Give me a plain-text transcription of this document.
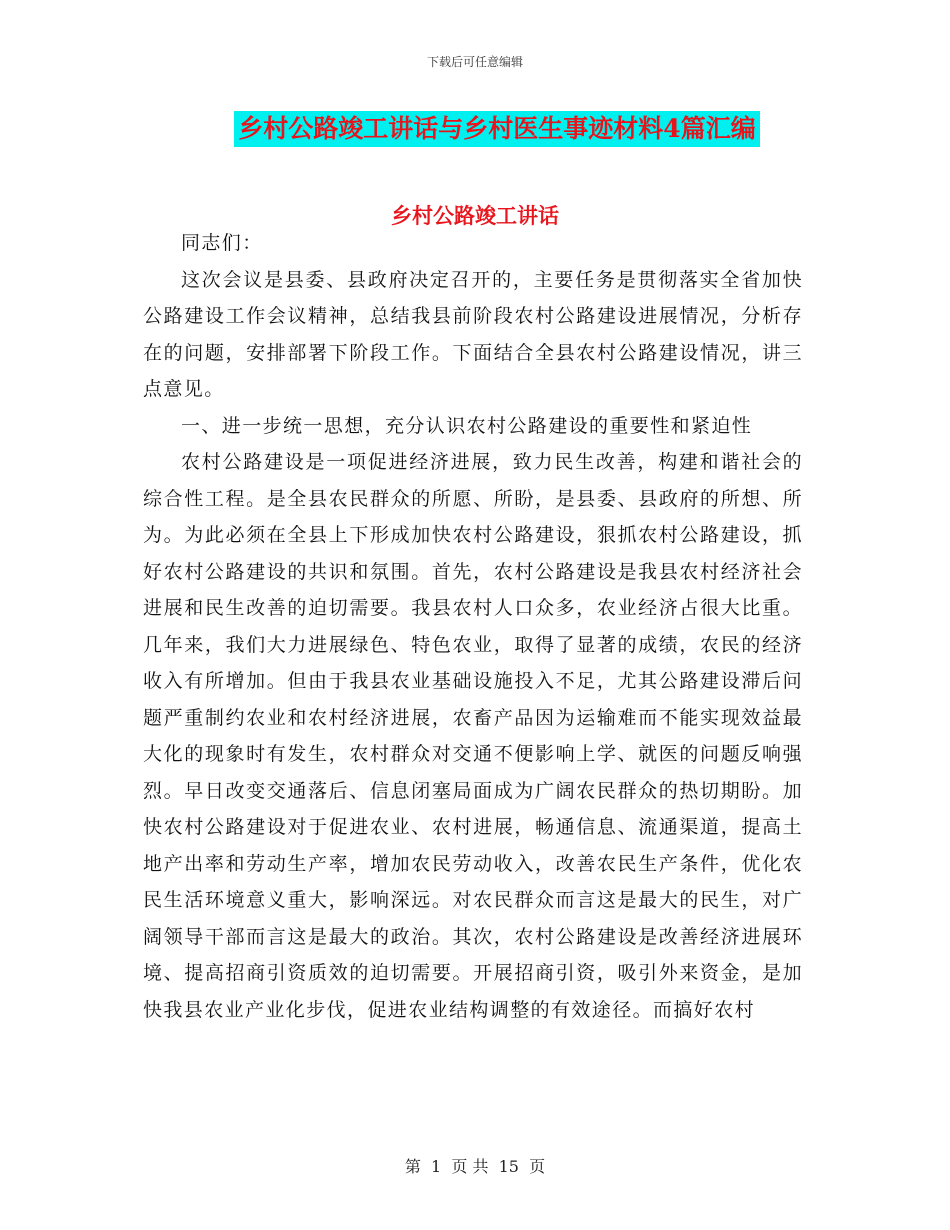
下载后可任意编辑
乡村公路竣工讲话与乡村医生事迹材料4篇汇编
乡村公路竣工讲话

同志们：

这次会议是县委、县政府决定召开的，主要任务是贯彻落实全省加快公路建设工作会议精神，总结我县前阶段农村公路建设进展情况，分析存在的问题，安排部署下阶段工作。下面结合全县农村公路建设情况，讲三点意见。

一、进一步统一思想，充分认识农村公路建设的重要性和紧迫性

农村公路建设是一项促进经济进展，致力民生改善，构建和谐社会的综合性工程。是全县农民群众的所愿、所盼，是县委、县政府的所想、所为。为此必须在全县上下形成加快农村公路建设，狠抓农村公路建设，抓好农村公路建设的共识和氛围。首先，农村公路建设是我县农村经济社会进展和民生改善的迫切需要。我县农村人口众多，农业经济占很大比重。几年来，我们大力进展绿色、特色农业，取得了显著的成绩，农民的经济收入有所增加。但由于我县农业基础设施投入不足，尤其公路建设滞后问题严重制约农业和农村经济进展，农畜产品因为运输难而不能实现效益最大化的现象时有发生，农村群众对交通不便影响上学、就医的问题反响强烈。早日改变交通落后、信息闭塞局面成为广阔农民群众的热切期盼。加快农村公路建设对于促进农业、农村进展，畅通信息、流通渠道，提高土地产出率和劳动生产率，增加农民劳动收入，改善农民生产条件，优化农民生活环境意义重大，影响深远。对农民群众而言这是最大的民生，对广阔领导干部而言这是最大的政治。其次，农村公路建设是改善经济进展环境、提高招商引资质效的迫切需要。开展招商引资，吸引外来资金，是加快我县农业产业化步伐，促进农业结构调整的有效途径。而搞好农村

第 1 页 共 15 页
